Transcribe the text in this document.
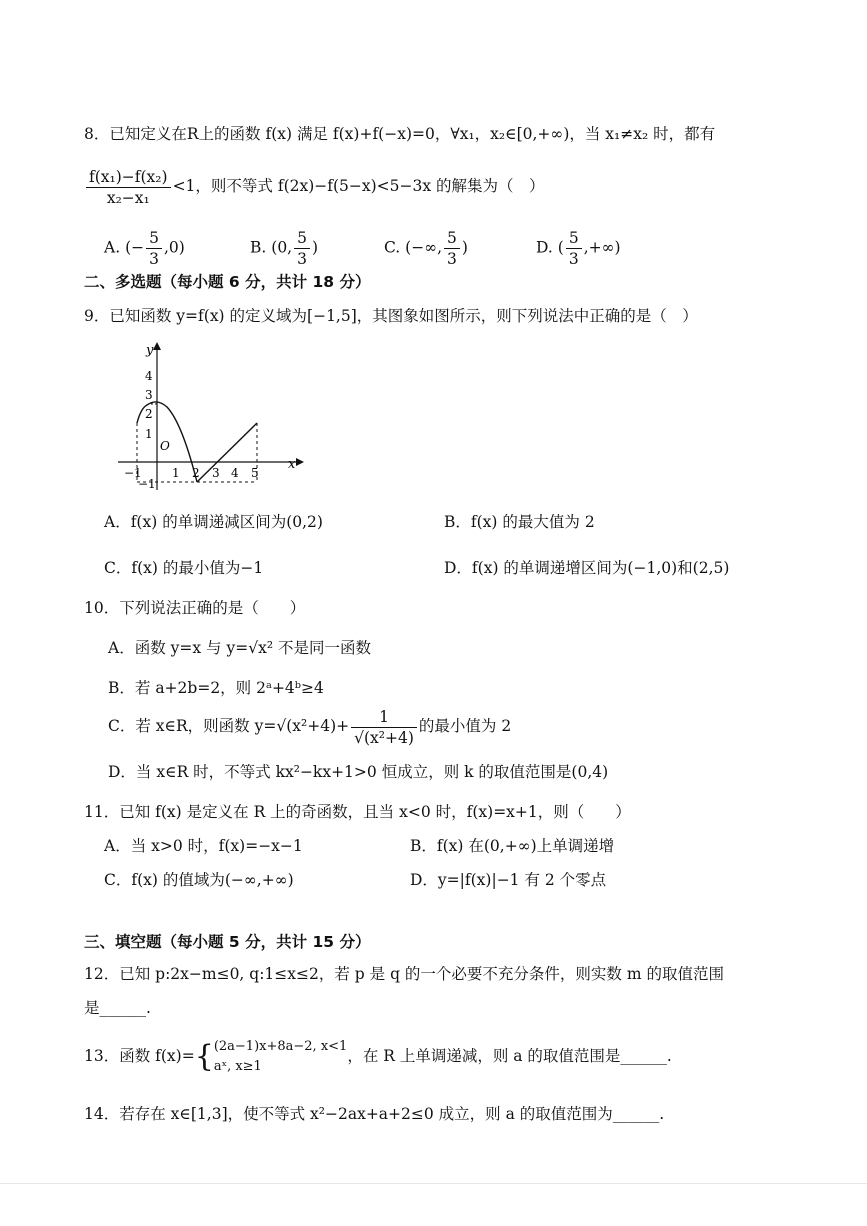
8．已知定义在R上的函数 f(x) 满足 f(x)+f(−x)=0，∀x₁，x₂∈[0,+∞)，当 x₁≠x₂ 时，都有
$\frac{\text{f(x₁)−f(x₂)}}{\text{x₂−x₁}} <1$，则不等式 f(2x)−f(5−x)<5−3x 的解集为（　）
A. (− $\frac{5}{3} ,0$)	B. (0, $\frac{5}{3}$ )	C. (−∞, $\frac{5}{3}$ )	D. ( $\frac{5}{3}$ ,+∞)
二、多选题（每小题 6 分，共计 18 分）
9．已知函数 y=f(x) 的定义域为[−1,5]，其图象如图所示，则下列说法中正确的是（　）
y
x
O
4
3
2
1
−1
−1	1 2 3 4 5
A．f(x) 的单调递减区间为(0,2)	B．f(x) 的最大值为 2
C．f(x) 的最小值为−1	D．f(x) 的单调递增区间为(−1,0)和(2,5)
10．下列说法正确的是（　　）
A．函数 y=x 与 y=√x² 不是同一函数
B．若 a+2b=2，则 2ᵃ+4ᵇ≥4
C．若 x∈R，则函数 $y=√(x^2+4)+ \frac{1}{\text{√(x²+4)}}$ 的最小值为 2
D．当 x∈R 时，不等式 kx²−kx+1>0 恒成立，则 k 的取值范围是(0,4)
11．已知 f(x) 是定义在 R 上的奇函数，且当 x<0 时，f(x)=x+1，则（　　）
A．当 x>0 时，f(x)=−x−1	B．f(x) 在(0,+∞)上单调递增
C．f(x) 的值域为(−∞,+∞)	D．y=|f(x)|−1 有 2 个零点
三、填空题（每小题 5 分，共计 15 分）
12．已知 p:2x−m≤0, q:1≤x≤2，若 p 是 q 的一个必要不充分条件，则实数 m 的取值范围
是______.
13．函数 f(x)={ (2a−1)x+8a−2, x<1
aˣ, x≥1
，在 R 上单调递减，则 a 的取值范围是______.
14．若存在 x∈[1,3]，使不等式 x²−2ax+a+2≤0 成立，则 a 的取值范围为______.
